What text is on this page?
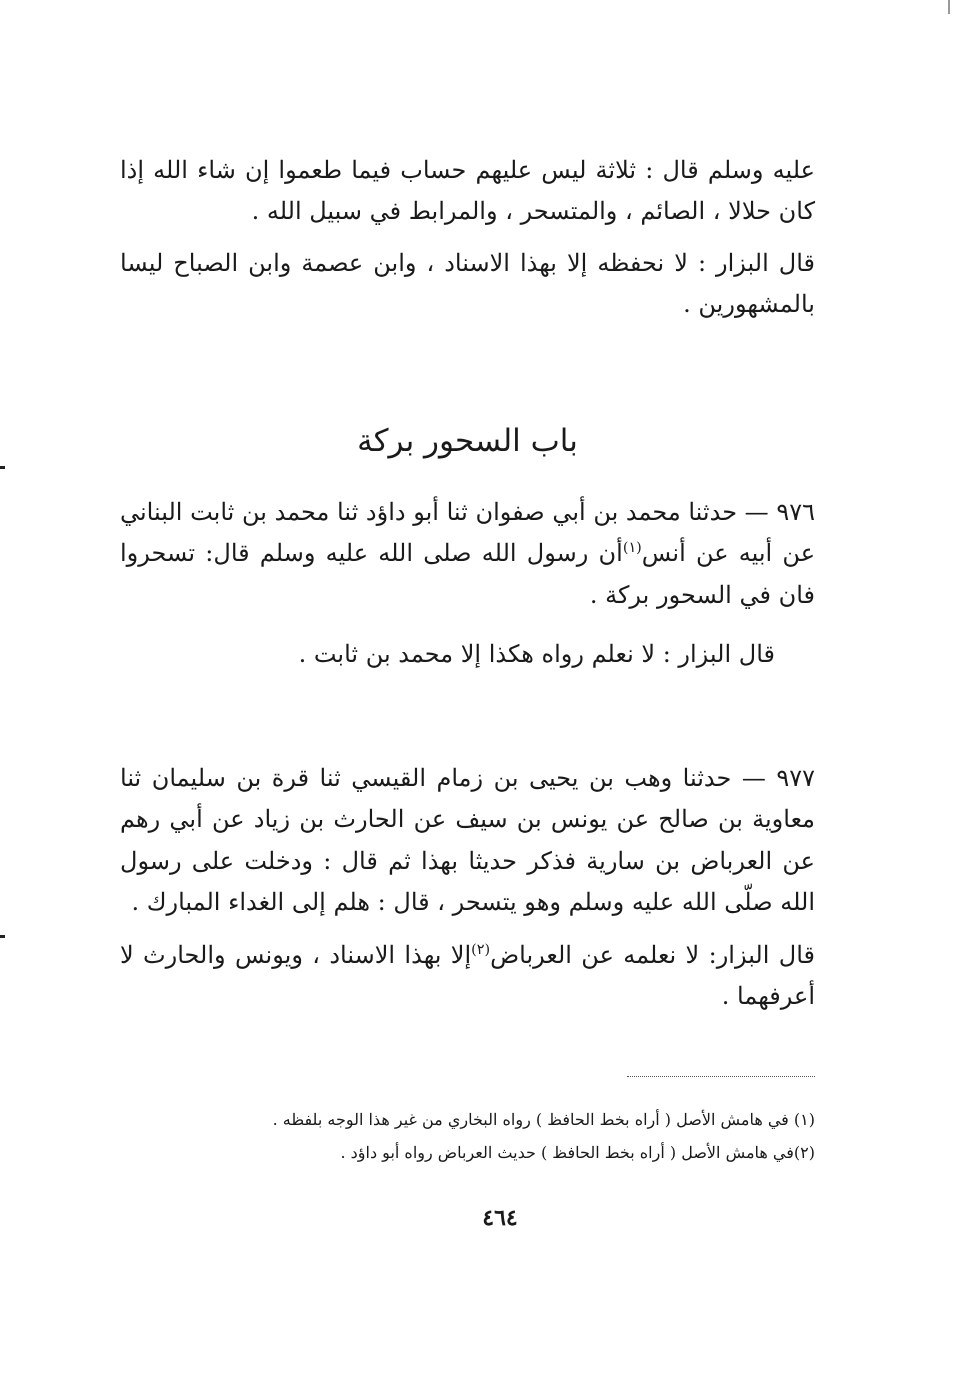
عليه وسلم قال : ثلاثة ليس عليهم حساب فيما طعموا إن شاء الله إذا كان حلالا ، الصائم ، والمتسحر ، والمرابط في سبيل الله .

قال البزار : لا نحفظه إلا بهذا الاسناد ، وابن عصمة وابن الصباح ليسا بالمشهورين .

باب السحور بركة

٩٧٦ — حدثنا محمد بن أبي صفوان ثنا أبو داؤد ثنا محمد بن ثابت البناني عن أبيه عن أنس$^{(١)}$أن رسول الله صلى الله عليه وسلم قال: تسحروا فان في السحور بركة .

قال البزار : لا نعلم رواه هكذا إلا محمد بن ثابت .

٩٧٧ — حدثنا وهب بن يحيى بن زمام القيسي ثنا قرة بن سليمان ثنا معاوية بن صالح عن يونس بن سيف عن الحارث بن زياد عن أبي رهم عن العرباض بن سارية فذكر حديثا بهذا ثم قال : ودخلت على رسول الله صلّى الله عليه وسلم وهو يتسحر ، قال : هلم إلى الغداء المبارك .

قال البزار: لا نعلمه عن العرباض$^{(٢)}$إلا بهذا الاسناد ، ويونس والحارث لا أعرفهما .

(١) في هامش الأصل ( أراه بخط الحافظ ) رواه البخاري من غير هذا الوجه بلفظه .

(٢)في هامش الأصل ( أراه بخط الحافظ ) حديث العرباض رواه أبو داؤد .

٤٦٤
